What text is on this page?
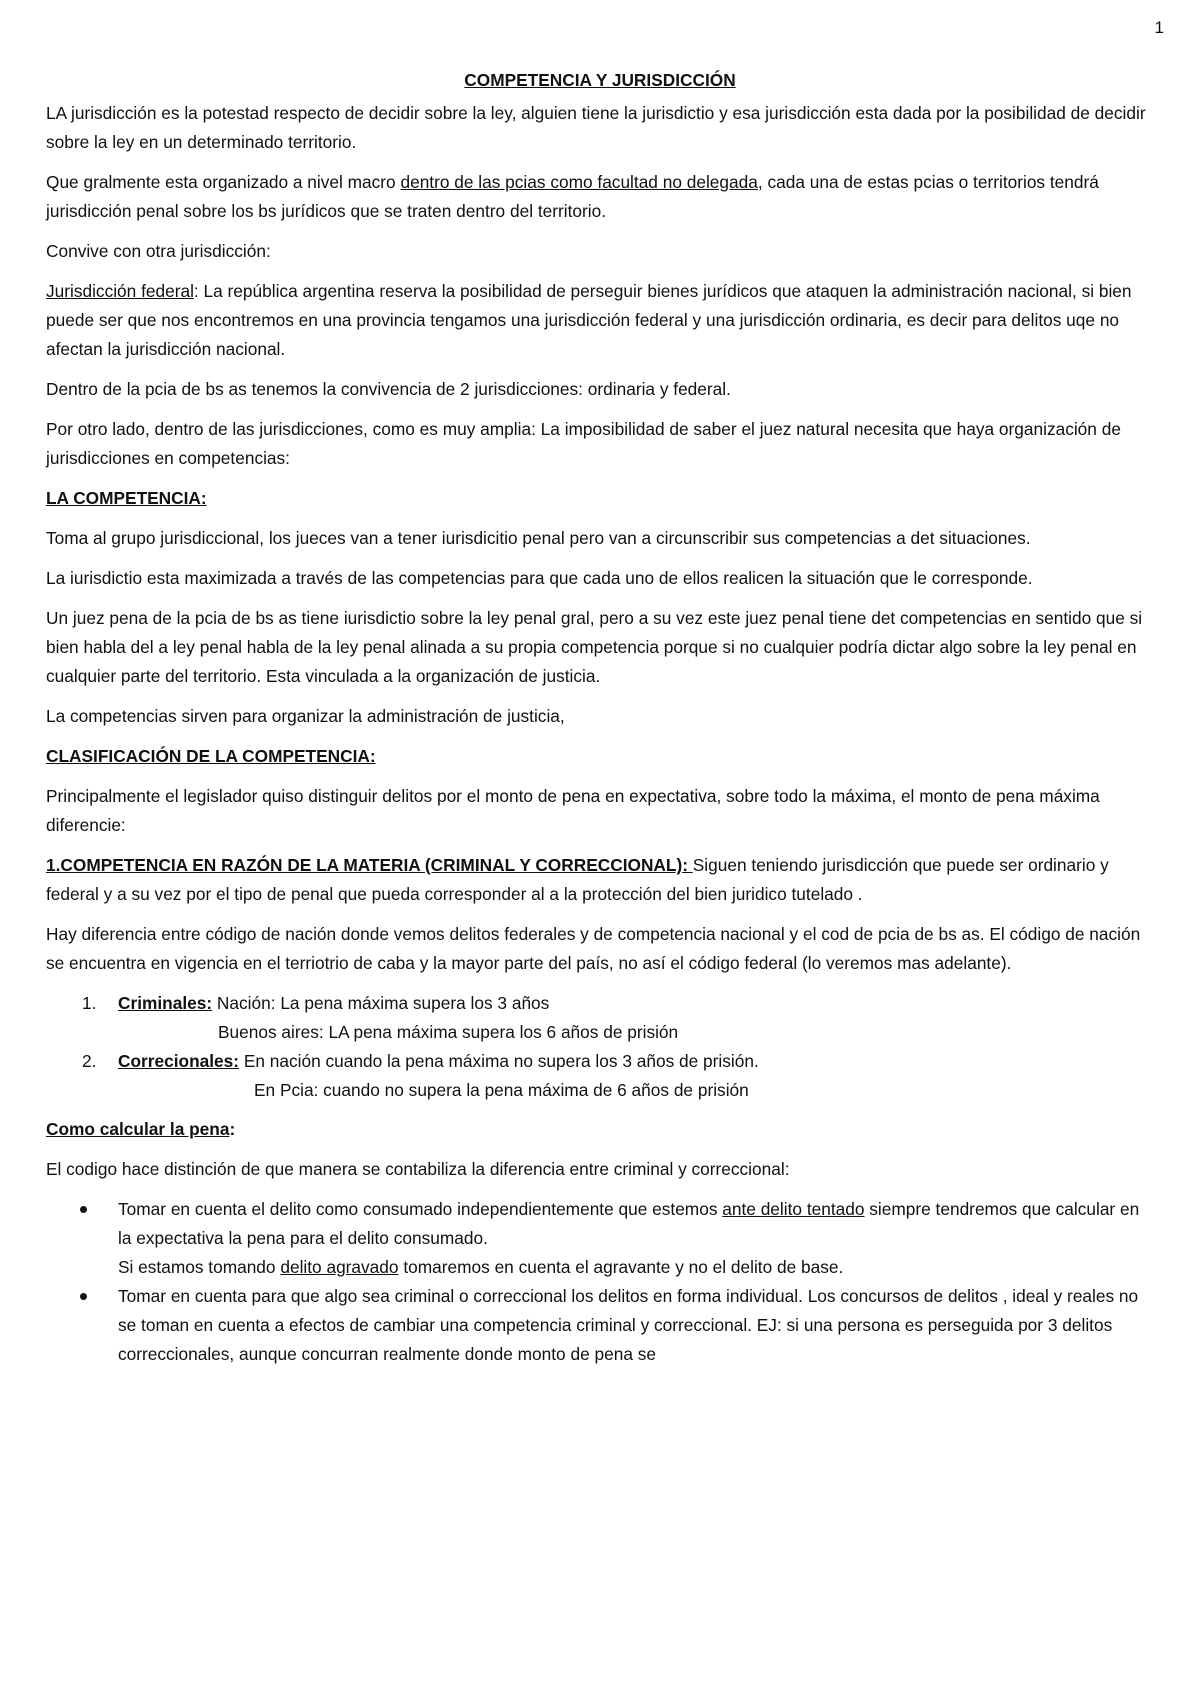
1
COMPETENCIA Y JURISDICCIÓN

LA jurisdicción es la potestad respecto de decidir sobre la ley, alguien tiene la jurisdictio y esa jurisdicción esta dada por la posibilidad de decidir sobre la ley en un determinado territorio.

Que gralmente esta organizado a nivel macro dentro de las pcias como facultad no delegada, cada una de estas pcias o territorios tendrá jurisdicción penal sobre los bs jurídicos que se traten dentro del territorio.

Convive con otra jurisdicción:

Jurisdicción federal: La república argentina reserva la posibilidad de perseguir bienes jurídicos que ataquen la administración nacional, si bien puede ser que nos encontremos en una provincia tengamos una jurisdicción federal y una jurisdicción ordinaria, es decir para delitos uqe no afectan la jurisdicción nacional.

Dentro de la pcia de bs as tenemos la convivencia de 2 jurisdicciones: ordinaria y federal.

Por otro lado, dentro de las jurisdicciones, como es muy amplia: La imposibilidad de saber el juez natural necesita que haya organización de jurisdicciones en competencias:

LA COMPETENCIA:

Toma al grupo jurisdiccional, los jueces van a tener iurisdicitio penal pero van a circunscribir sus competencias a det situaciones.

La iurisdictio esta maximizada a través de las competencias para que cada uno de ellos realicen la situación que le corresponde.

Un juez pena de la pcia de bs as tiene iurisdictio sobre la ley penal gral, pero a su vez este juez penal tiene det competencias en sentido que si bien habla del a ley penal habla de la ley penal alinada a su propia competencia porque si no cualquier podría dictar algo sobre la ley penal en cualquier parte del territorio. Esta vinculada a la organización de justicia.

La competencias sirven para organizar la administración de justicia,

CLASIFICACIÓN DE LA COMPETENCIA:

Principalmente el legislador quiso distinguir delitos por el monto de pena en expectativa, sobre todo la máxima, el monto de pena máxima diferencie:

1.COMPETENCIA EN RAZÓN DE LA MATERIA (CRIMINAL Y CORRECCIONAL): Siguen teniendo jurisdicción que puede ser ordinario y federal y a su vez por el tipo de penal que pueda corresponder al a la protección del bien juridico tutelado .

Hay diferencia entre código de nación donde vemos delitos federales y de competencia nacional y el cod de pcia de bs as. El código de nación se encuentra en vigencia en el terriotrio de caba y la mayor parte del país, no así el código federal (lo veremos mas adelante).

1. Criminales: Nación: La pena máxima supera los 3 años
Buenos aires: LA pena máxima supera los 6 años de prisión
2. Correcionales: En nación cuando la pena máxima no supera los 3 años de prisión.
En Pcia: cuando no supera la pena máxima de 6 años de prisión

Como calcular la pena:

El codigo hace distinción de que manera se contabiliza la diferencia entre criminal y correccional:

Tomar en cuenta el delito como consumado independientemente que estemos ante delito tentado siempre tendremos que calcular en la expectativa la pena para el delito consumado.
Si estamos tomando delito agravado tomaremos en cuenta el agravante y no el delito de base.
Tomar en cuenta para que algo sea criminal o correccional los delitos en forma individual. Los concursos de delitos , ideal y reales no se toman en cuenta a efectos de cambiar una competencia criminal y correccional. EJ: si una persona es perseguida por 3 delitos correccionales, aunque concurran realmente donde monto de pena se
